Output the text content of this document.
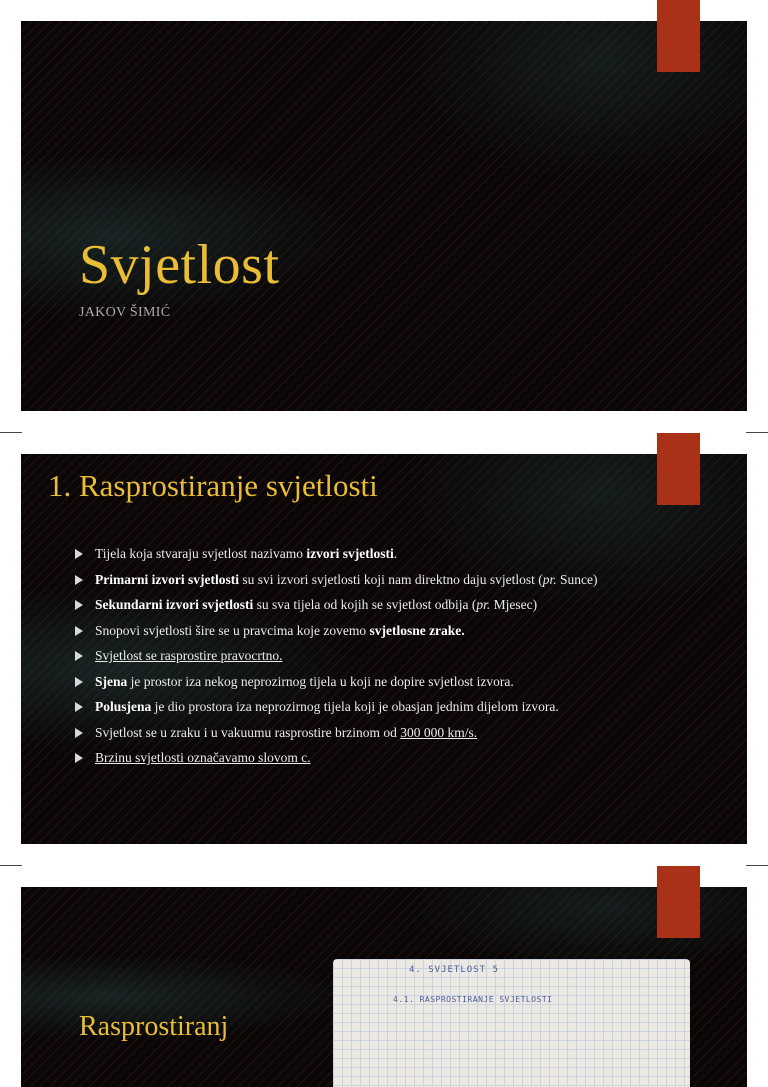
Svjetlost

JAKOV ŠIMIĆ

1. Rasprostiranje svjetlosti
Tijela koja stvaraju svjetlost nazivamo izvori svjetlosti.
Primarni izvori svjetlosti su svi izvori svjetlosti koji nam direktno daju svjetlost (pr. Sunce)
Sekundarni izvori svjetlosti su sva tijela od kojih se svjetlost odbija (pr. Mjesec)
Snopovi svjetlosti šire se u pravcima koje zovemo svjetlosne zrake.
Svjetlost se rasprostire pravocrtno.
Sjena je prostor iza nekog neprozirnog tijela u koji ne dopire svjetlost izvora.
Polusjena je dio prostora iza neprozirnog tijela koji je obasjan jednim dijelom izvora.
Svjetlost se u zraku i u vakuumu rasprostire brzinom od 300 000 km/s.
Brzinu svjetlosti označavamo slovom c.
4. SVJETLOST 5
4.1. RASPROSTIRANJE SVJETLOSTI
Rasprostiranj
